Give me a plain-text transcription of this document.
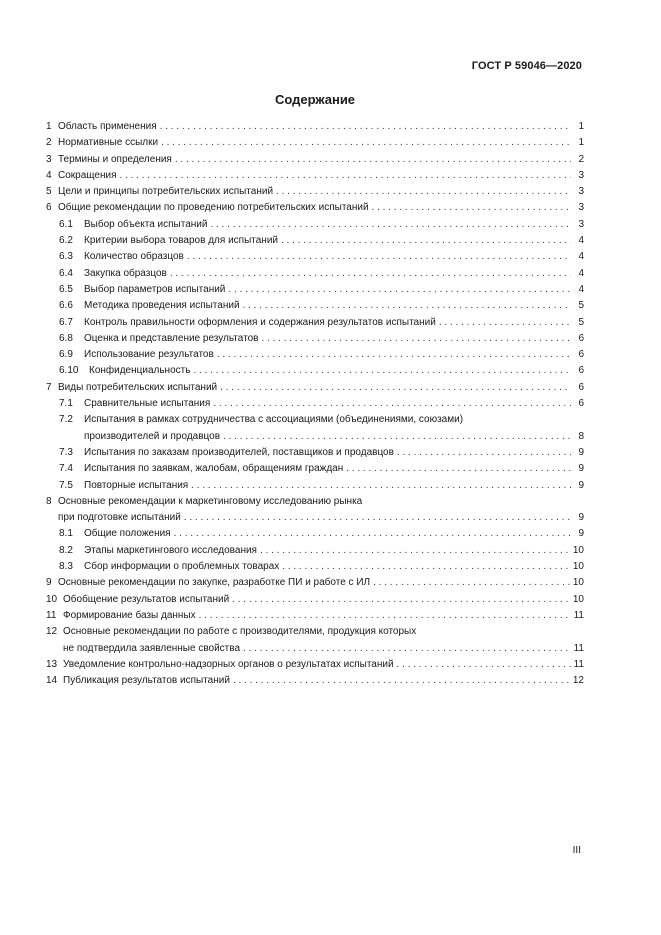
ГОСТ Р 59046—2020
Содержание
1 Область применения . . .	1
2 Нормативные ссылки . . .	1
3 Термины и определения . . .	2
4 Сокращения . . .	3
5 Цели и принципы потребительских испытаний . . .	3
6 Общие рекомендации по проведению потребительских испытаний . . .	3
6.1	Выбор объекта испытаний . . .	3
6.2	Критерии выбора товаров для испытаний . . .	4
6.3	Количество образцов . . .	4
6.4	Закупка образцов . . .	4
6.5	Выбор параметров испытаний . . .	4
6.6	Методика проведения испытаний . . .	5
6.7	Контроль правильности оформления и содержания результатов испытаний . . .	5
6.8	Оценка и представление результатов . . .	6
6.9	Использование результатов . . .	6
6.10	Конфиденциальность . . .	6
7 Виды потребительских испытаний . . .	6
7.1	Сравнительные испытания . . .	6
7.2	Испытания в рамках сотрудничества с ассоциациями (объединениями, союзами)
производителей и продавцов . . .	8
7.3	Испытания по заказам производителей, поставщиков и продавцов . . .	9
7.4	Испытания по заявкам, жалобам, обращениям граждан . . .	9
7.5	Повторные испытания . . .	9
8 Основные рекомендации к маркетинговому исследованию рынка
при подготовке испытаний . . .	9
8.1	Общие положения . . .	9
8.2	Этапы маркетингового исследования . . .	10
8.3	Сбор информации о проблемных товарах . . .	10
9 Основные рекомендации по закупке, разработке ПИ и работе с ИЛ . . .	10
10 Обобщение результатов испытаний . . .	10
11 Формирование базы данных . . .	11
12 Основные рекомендации по работе с производителями, продукция которых
не подтвердила заявленные свойства . . .	11
13 Уведомление контрольно-надзорных органов о результатах испытаний . . .	11
14 Публикация результатов испытаний . . .	12
III
